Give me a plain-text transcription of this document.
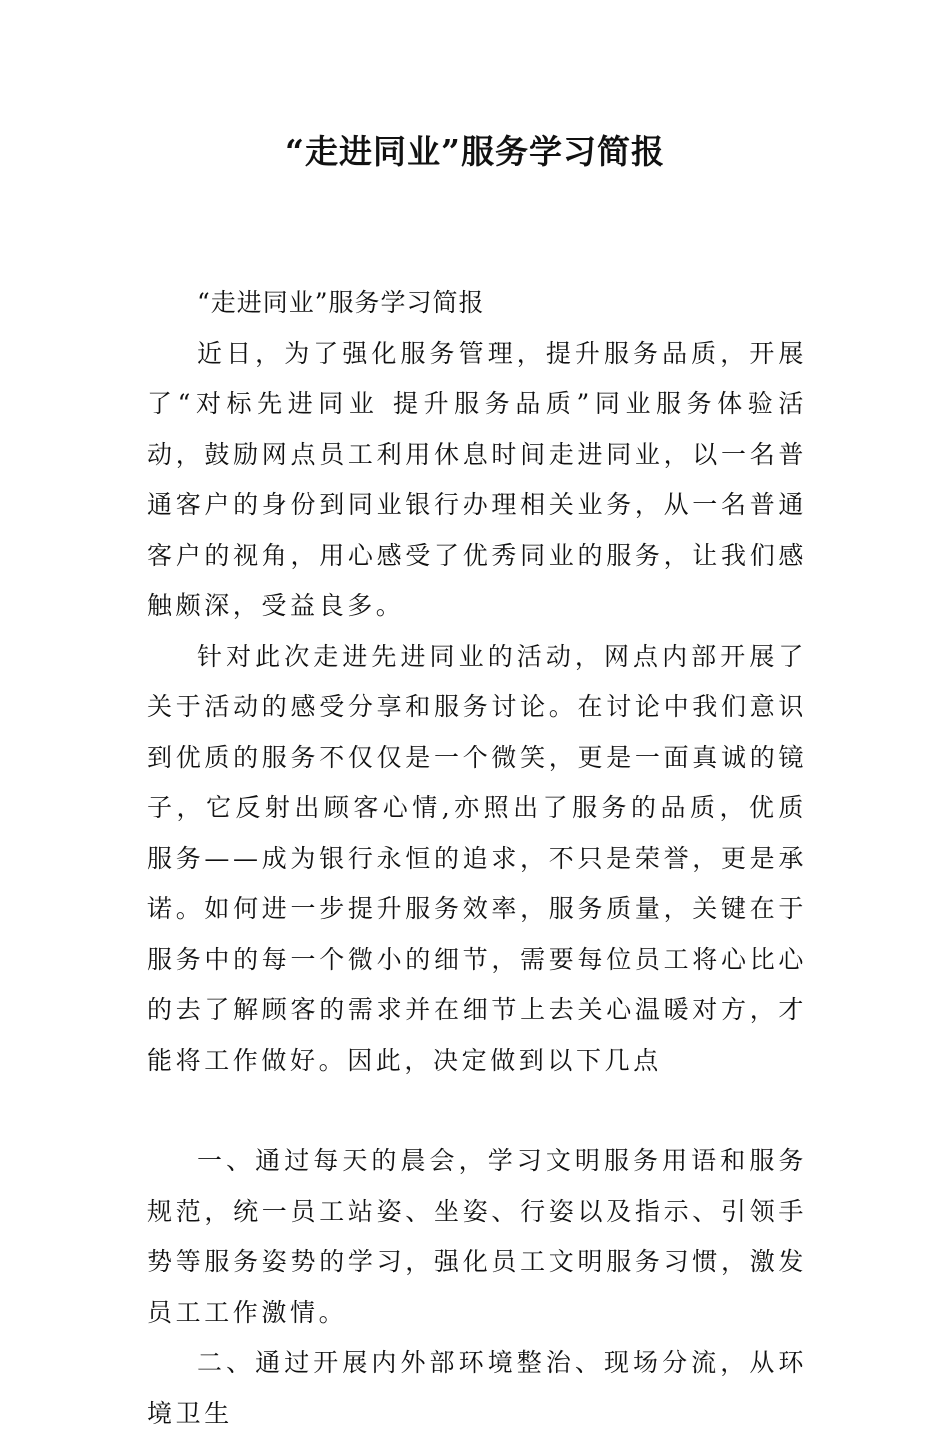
“走进同业”服务学习简报

“走进同业”服务学习简报

近日，为了强化服务管理，提升服务品质，开展了“对标先进同业 提升服务品质”同业服务体验活动，鼓励网点员工利用休息时间走进同业，以一名普通客户的身份到同业银行办理相关业务，从一名普通客户的视角，用心感受了优秀同业的服务，让我们感触颇深，受益良多。

针对此次走进先进同业的活动，网点内部开展了关于活动的感受分享和服务讨论。在讨论中我们意识到优质的服务不仅仅是一个微笑，更是一面真诚的镜子，它反射出顾客心情,亦照出了服务的品质，优质服务——成为银行永恒的追求，不只是荣誉，更是承诺。如何进一步提升服务效率，服务质量，关键在于服务中的每一个微小的细节，需要每位员工将心比心的去了解顾客的需求并在细节上去关心温暖对方，才能将工作做好。因此，决定做到以下几点

一、通过每天的晨会，学习文明服务用语和服务规范，统一员工站姿、坐姿、行姿以及指示、引领手势等服务姿势的学习，强化员工文明服务习惯，激发员工工作激情。

二、通过开展内外部环境整治、现场分流，从环境卫生
